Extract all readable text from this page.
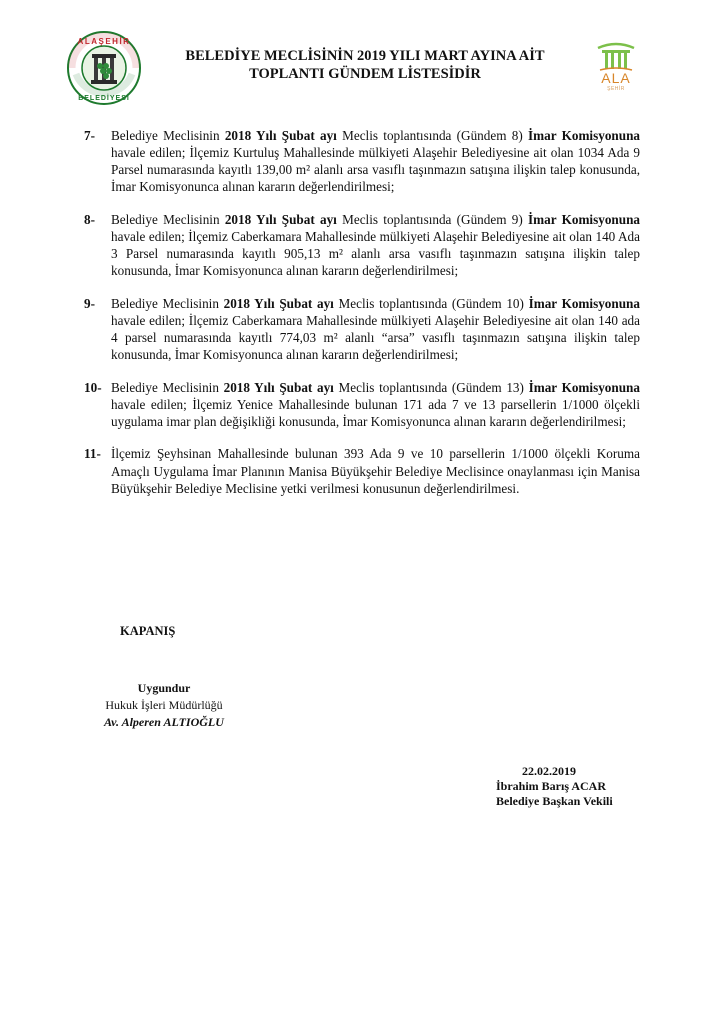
ALAŞEHİR
BELEDİYESİ
ALA
ŞEHİR
BELEDİYE MECLİSİNİN 2019 YILI MART AYINA AİT
TOPLANTI GÜNDEM LİSTESİDİR
7- Belediye Meclisinin 2018 Yılı Şubat ayı Meclis toplantısında (Gündem 8) İmar Komisyonuna havale edilen; İlçemiz Kurtuluş Mahallesinde mülkiyeti Alaşehir Belediyesine ait olan 1034 Ada 9 Parsel numarasında kayıtlı 139,00 m² alanlı arsa vasıflı taşınmazın satışına ilişkin talep konusunda, İmar Komisyonunca alınan kararın değerlendirilmesi;
8- Belediye Meclisinin 2018 Yılı Şubat ayı Meclis toplantısında (Gündem 9) İmar Komisyonuna havale edilen; İlçemiz Caberkamara Mahallesinde mülkiyeti Alaşehir Belediyesine ait olan 140 Ada 3 Parsel numarasında kayıtlı 905,13 m² alanlı arsa vasıflı taşınmazın satışına ilişkin talep konusunda, İmar Komisyonunca alınan kararın değerlendirilmesi;
9- Belediye Meclisinin 2018 Yılı Şubat ayı Meclis toplantısında (Gündem 10) İmar Komisyonuna havale edilen; İlçemiz Caberkamara Mahallesinde mülkiyeti Alaşehir Belediyesine ait olan 140 ada 4 parsel numarasında kayıtlı 774,03 m² alanlı “arsa” vasıflı taşınmazın satışına ilişkin talep konusunda, İmar Komisyonunca alınan kararın değerlendirilmesi;
10- Belediye Meclisinin 2018 Yılı Şubat ayı Meclis toplantısında (Gündem 13) İmar Komisyonuna havale edilen; İlçemiz Yenice Mahallesinde bulunan 171 ada 7 ve 13 parsellerin 1/1000 ölçekli uygulama imar plan değişikliği konusunda, İmar Komisyonunca alınan kararın değerlendirilmesi;
11- İlçemiz Şeyhsinan Mahallesinde bulunan 393 Ada 9 ve 10 parsellerin 1/1000 ölçekli Koruma Amaçlı Uygulama İmar Planının Manisa Büyükşehir Belediye Meclisince onaylanması için Manisa Büyükşehir Belediye Meclisine yetki verilmesi konusunun değerlendirilmesi.
KAPANIŞ
Uygundur
Hukuk İşleri Müdürlüğü
Av. Alperen ALTIOĞLU
22.02.2019
İbrahim Barış ACAR
Belediye Başkan Vekili
